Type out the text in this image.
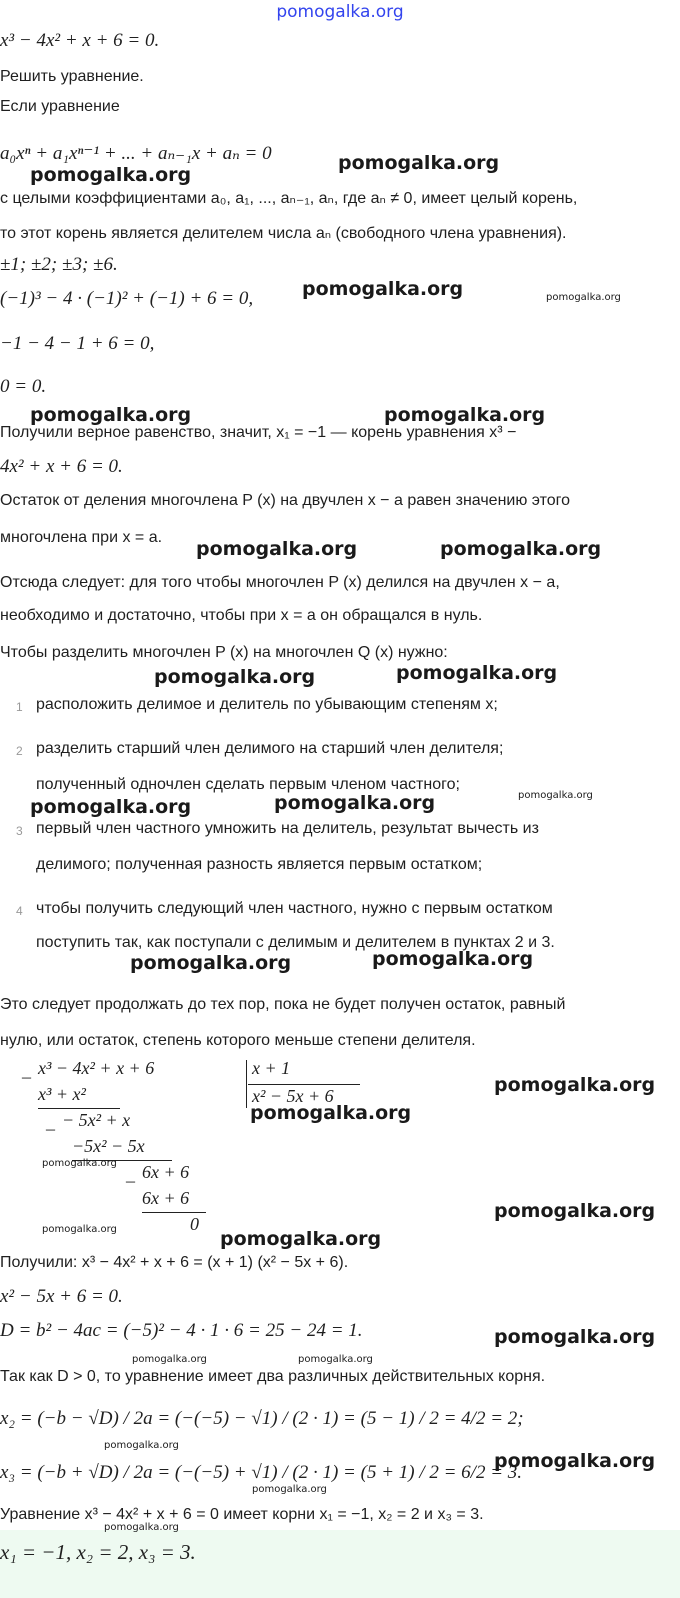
pomogalka.org
x³ − 4x² + x + 6 = 0.
Решить уравнение.
Если уравнение
a₀xⁿ + a₁xⁿ⁻¹ + ... + aₙ₋₁x + aₙ = 0
с целыми коэффициентами a₀, a₁, ..., aₙ₋₁, aₙ, где aₙ ≠ 0, имеет целый корень,
то этот корень является делителем числа aₙ (свободного члена уравнения).
±1; ±2; ±3; ±6.
(−1)³ − 4 · (−1)² + (−1) + 6 = 0,
−1 − 4 − 1 + 6 = 0,
0 = 0.
Получили верное равенство, значит, x₁ = −1 — корень уравнения x³ −
4x² + x + 6 = 0.
Остаток от деления многочлена P (x) на двучлен x − a равен значению этого
многочлена при x = a.
Отсюда следует: для того чтобы многочлен P (x) делился на двучлен x − a,
необходимо и достаточно, чтобы при x = a он обращался в нуль.
Чтобы разделить многочлен P (x) на многочлен Q (x) нужно:
1 расположить делимое и делитель по убывающим степеням x;
2 разделить старший член делимого на старший член делителя;
полученный одночлен сделать первым членом частного;
3 первый член частного умножить на делитель, результат вычесть из
делимого; полученная разность является первым остатком;
4 чтобы получить следующий член частного, нужно с первым остатком
поступить так, как поступали с делимым и делителем в пунктах 2 и 3.
Это следует продолжать до тех пор, пока не будет получен остаток, равный
нулю, или остаток, степень которого меньше степени делителя.
_ x³ − 4x² + x + 6
x³ + x²
_ − 5x² + x
−5x² − 5x
_ 6x + 6
6x + 6
0
x + 1
x² − 5x + 6
Получили: x³ − 4x² + x + 6 = (x + 1) (x² − 5x + 6).
x² − 5x + 6 = 0.
D = b² − 4ac = (−5)² − 4 · 1 · 6 = 25 − 24 = 1.
Так как D > 0, то уравнение имеет два различных действительных корня.
x₂ = (−b − √D) / 2a = (−(−5) − √1) / (2 · 1) = (5 − 1) / 2 = 4/2 = 2;
x₃ = (−b + √D) / 2a = (−(−5) + √1) / (2 · 1) = (5 + 1) / 2 = 6/2 = 3.
Уравнение x³ − 4x² + x + 6 = 0 имеет корни x₁ = −1, x₂ = 2 и x₃ = 3.
x₁ = −1, x₂ = 2, x₃ = 3.
pomogalka.org
pomogalka.org
pomogalka.org	pomogalka.org
pomogalka.org	pomogalka.org
pomogalka.org	pomogalka.org
pomogalka.org	pomogalka.org
pomogalka.org	pomogalka.org	pomogalka.org
pomogalka.org	pomogalka.org
pomogalka.org
pomogalka.org
pomogalka.org
pomogalka.org
pomogalka.org	pomogalka.org
pomogalka.org
pomogalka.org	pomogalka.org
pomogalka.org
pomogalka.org
pomogalka.org
pomogalka.org
